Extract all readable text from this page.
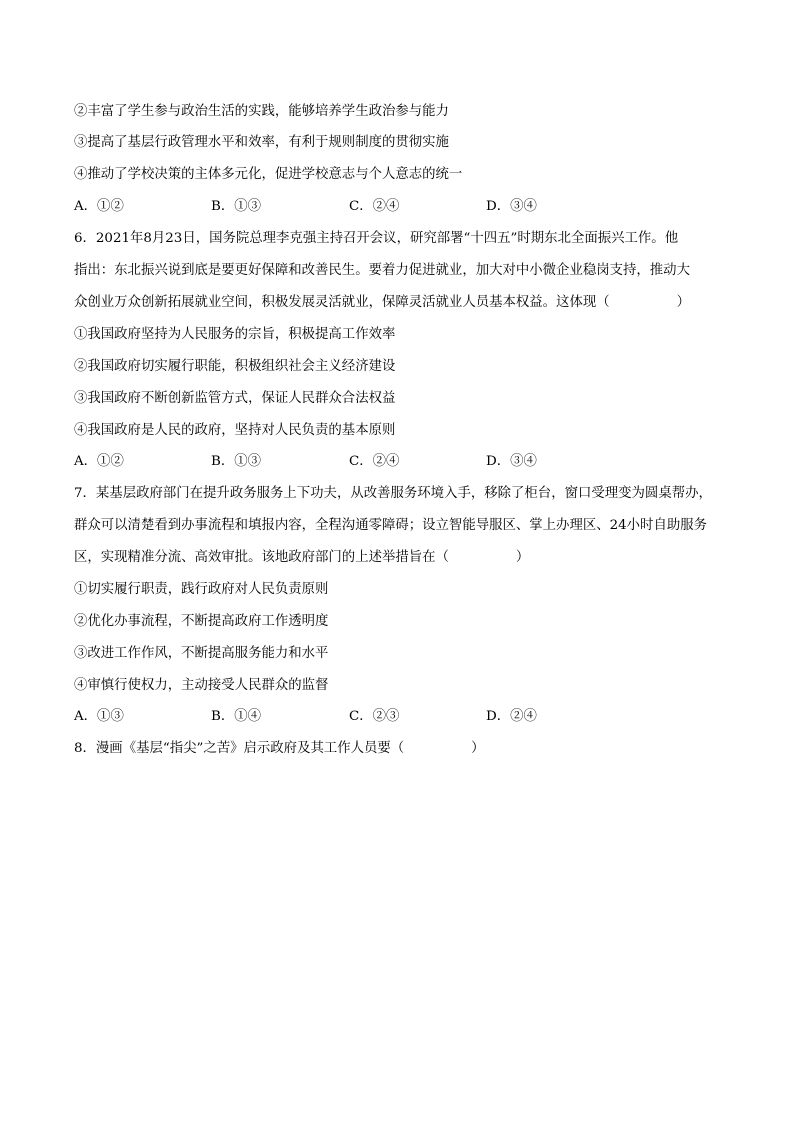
②丰富了学生参与政治生活的实践，能够培养学生政治参与能力
③提高了基层行政管理水平和效率，有利于规则制度的贯彻实施
④推动了学校决策的主体多元化，促进学校意志与个人意志的统一
A．①②	B．①③	C．②④	D．③④
6．2021年8月23日，国务院总理李克强主持召开会议，研究部署“十四五”时期东北全面振兴工作。他
指出：东北振兴说到底是要更好保障和改善民生。要着力促进就业，加大对中小微企业稳岗支持，推动大
众创业万众创新拓展就业空间，积极发展灵活就业，保障灵活就业人员基本权益。这体现（　　　　　）
①我国政府坚持为人民服务的宗旨，积极提高工作效率
②我国政府切实履行职能，积极组织社会主义经济建设
③我国政府不断创新监管方式，保证人民群众合法权益
④我国政府是人民的政府，坚持对人民负责的基本原则
A．①②	B．①③	C．②④	D．③④
7．某基层政府部门在提升政务服务上下功夫，从改善服务环境入手，移除了柜台，窗口受理变为圆桌帮办，
群众可以清楚看到办事流程和填报内容，全程沟通零障碍；设立智能导服区、掌上办理区、24小时自助服务
区，实现精准分流、高效审批。该地政府部门的上述举措旨在（　　　　　）
①切实履行职责，践行政府对人民负责原则
②优化办事流程，不断提高政府工作透明度
③改进工作作风，不断提高服务能力和水平
④审慎行使权力，主动接受人民群众的监督
A．①③	B．①④	C．②③	D．②④
8．漫画《基层“指尖”之苦》启示政府及其工作人员要（　　　　　）
